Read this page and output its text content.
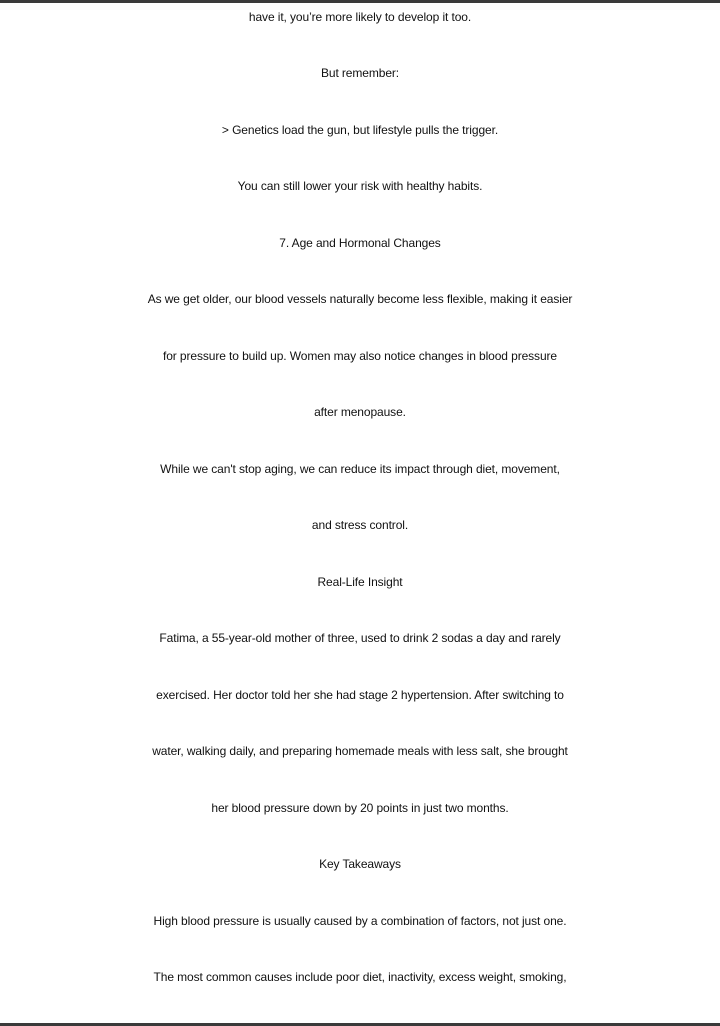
have it, you’re more likely to develop it too.
But remember:
> Genetics load the gun, but lifestyle pulls the trigger.
You can still lower your risk with healthy habits.
7. Age and Hormonal Changes
As we get older, our blood vessels naturally become less flexible, making it easier
for pressure to build up. Women may also notice changes in blood pressure
after menopause.
While we can't stop aging, we can reduce its impact through diet, movement,
and stress control.
Real-Life Insight
Fatima, a 55-year-old mother of three, used to drink 2 sodas a day and rarely
exercised. Her doctor told her she had stage 2 hypertension. After switching to
water, walking daily, and preparing homemade meals with less salt, she brought
her blood pressure down by 20 points in just two months.
Key Takeaways
High blood pressure is usually caused by a combination of factors, not just one.
The most common causes include poor diet, inactivity, excess weight, smoking,
